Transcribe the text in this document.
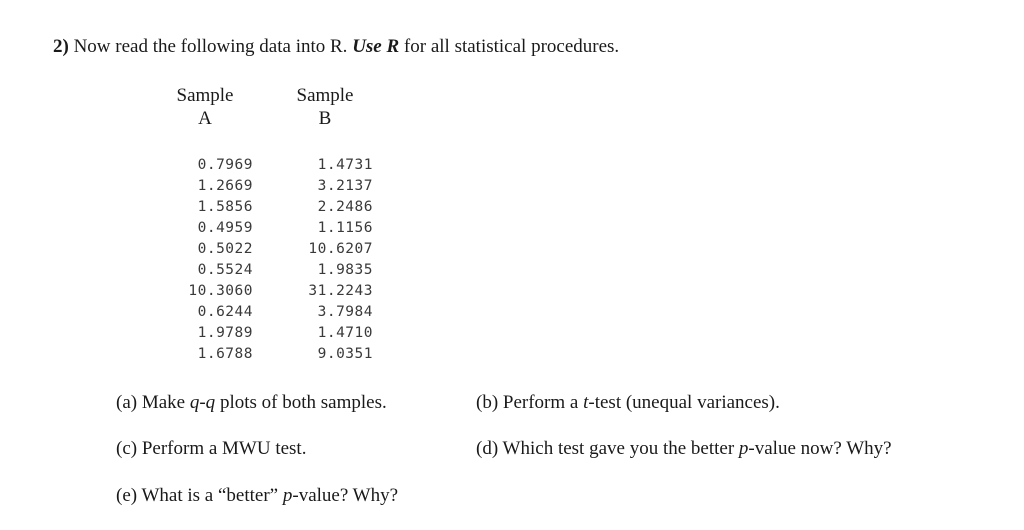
2) Now read the following data into R. Use R for all statistical procedures.
Sample
A
Sample
B
0.7969
1.2669
1.5856
0.4959
0.5022
0.5524
10.3060
0.6244
1.9789
1.6788
1.4731
3.2137
2.2486
1.1156
10.6207
1.9835
31.2243
3.7984
1.4710
9.0351
(a) Make q-q plots of both samples.	(b) Perform a t-test (unequal variances).
(c) Perform a MWU test.	(d) Which test gave you the better p-value now? Why?
(e) What is a “better” p-value? Why?
